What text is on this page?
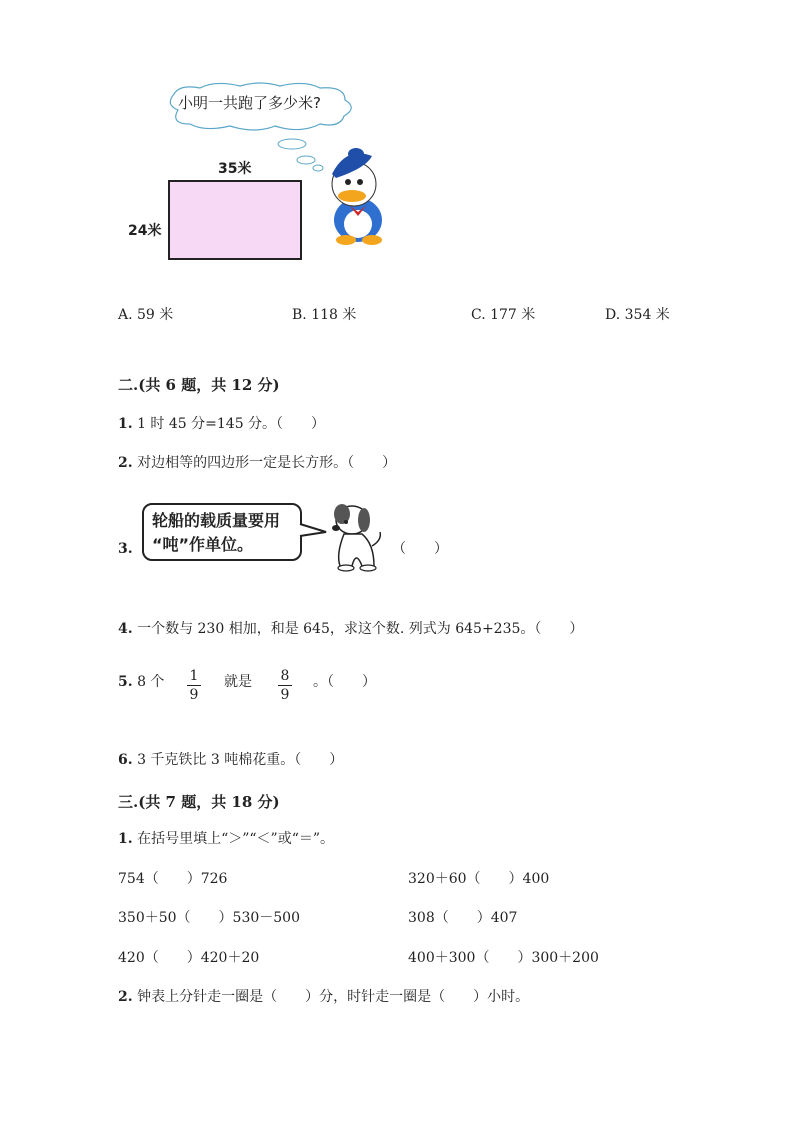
小明一共跑了多少米?
35米
24米
A. 59 米	B. 118 米	C. 177 米	D. 354 米
二.(共 6 题，共 12 分)
1. 1 时 45 分=145 分。（　　）
2. 对边相等的四边形一定是长方形。（　　）
3.
轮船的载质量要用
“吨”作单位。	（　　）
4. 一个数与 230 相加，和是 645，求这个数. 列式为 645+235。（　　）
5. 8 个 1
9
就是 8
9
。（　　）
6. 3 千克铁比 3 吨棉花重。（　　）
三.(共 7 题，共 18 分)
1. 在括号里填上“＞”“＜”或“＝”。
754（　　）726	320＋60（　　）400
350＋50（　　）530－500	308（　　）407
420（　　）420＋20	400＋300（　　）300＋200
2. 钟表上分针走一圈是（　　）分，时针走一圈是（　　）小时。
